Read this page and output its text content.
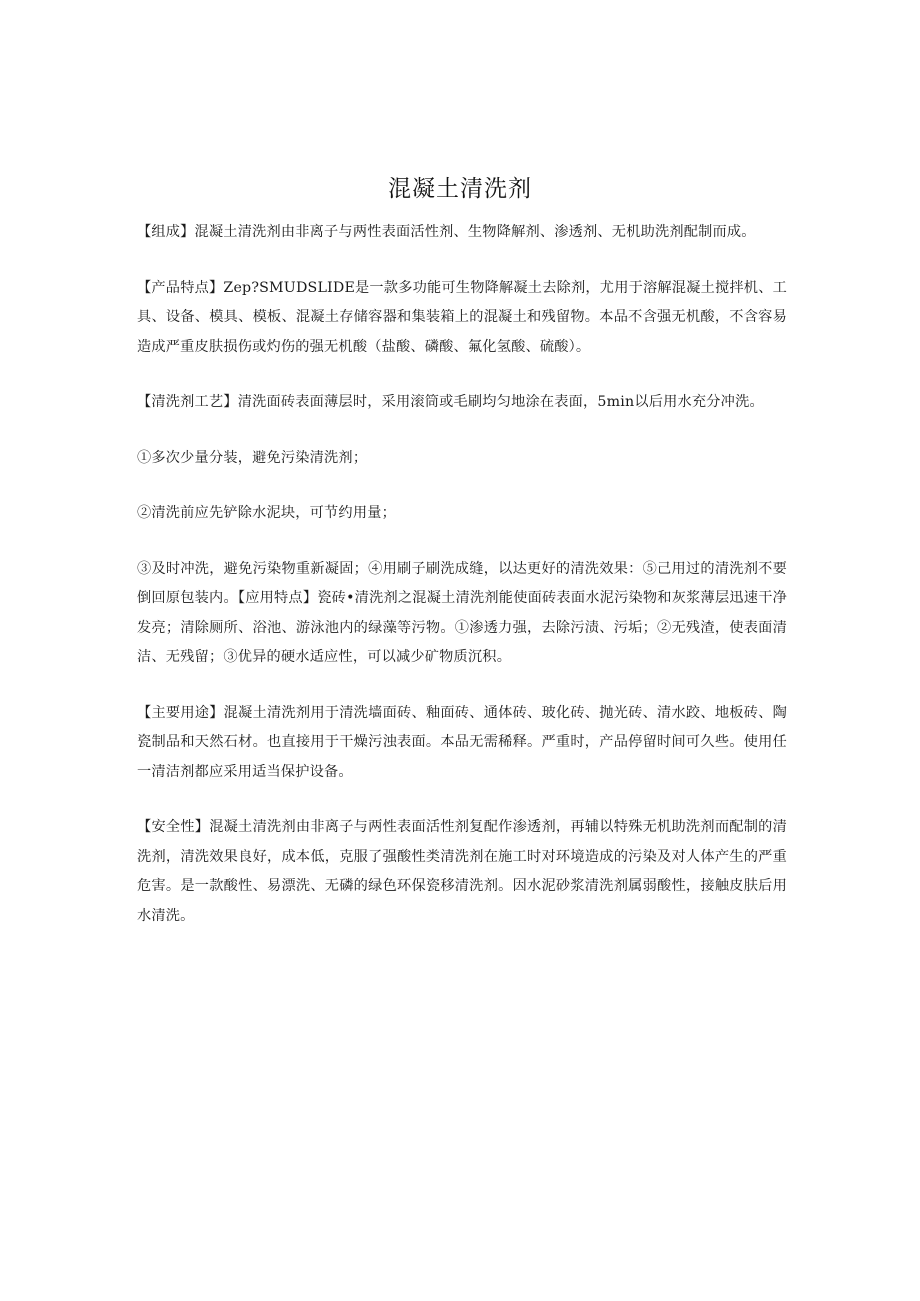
混凝土清洗剂

【组成】混凝土清洗剂由非离子与两性表面活性剂、生物降解剂、渗透剂、无机助洗剂配制而成。

【产品特点】Zep?SMUDSLIDE是一款多功能可生物降解凝土去除剂，尤用于溶解混凝土搅拌机、工具、设备、模具、模板、混凝土存储容器和集装箱上的混凝土和残留物。本品不含强无机酸，不含容易造成严重皮肤损伤或灼伤的强无机酸（盐酸、磷酸、氟化氢酸、硫酸）。

【清洗剂工艺】清洗面砖表面薄层时，采用滚筒或毛刷均匀地涂在表面，5min以后用水充分冲洗。

①多次少量分装，避免污染清洗剂；

②清洗前应先铲除水泥块，可节约用量；

③及时冲洗，避免污染物重新凝固；④用刷子刷洗成缝，以达更好的清洗效果：⑤己用过的清洗剂不要倒回原包装内。【应用特点】瓷砖•清洗剂之混凝土清洗剂能使面砖表面水泥污染物和灰浆薄层迅速干净发亮；清除厕所、浴池、游泳池内的绿藻等污物。①渗透力强，去除污渍、污垢；②无残渣，使表面清洁、无残留；③优异的硬水适应性，可以减少矿物质沉积。

【主要用途】混凝土清洗剂用于清洗墙面砖、釉面砖、通体砖、玻化砖、抛光砖、清水跤、地板砖、陶瓷制品和天然石材。也直接用于干燥污浊表面。本品无需稀释。严重时，产品停留时间可久些。使用任一清洁剂都应采用适当保护设备。

【安全性】混凝土清洗剂由非离子与两性表面活性剂复配作渗透剂，再辅以特殊无机助洗剂而配制的清洗剂，清洗效果良好，成本低，克服了强酸性类清洗剂在施工时对环境造成的污染及对人体产生的严重危害。是一款酸性、易漂洗、无磷的绿色环保瓷移清洗剂。因水泥砂浆清洗剂属弱酸性，接触皮肤后用水清洗。
